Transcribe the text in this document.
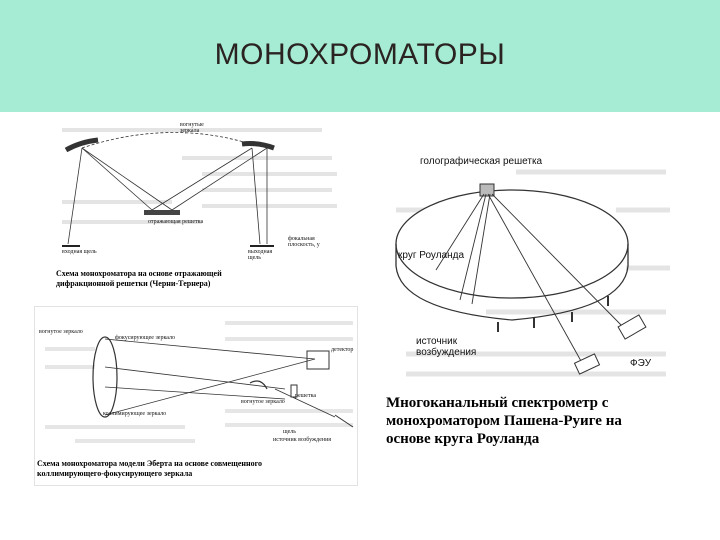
МОНОХРОМАТОРЫ
вогнутые
зеркала
отражающая решетка
входная щель	выходная
щель
фокальная
плоскость, y
Схема монохроматора на основе отражающей
дифракционной решетки (Черни-Тернера)
вогнутое зеркало
фокусирующее зеркало
детектор
коллимирующее зеркало
вогнутое зеркало
решетка
щель
источник возбуждения
Схема монохроматора модели Эберта на основе совмещенного
коллимирующего-фокусирующего зеркала
голографическая решетка
круг Роуланда
источник
возбуждения
ФЭУ
Многоканальный спектрометр с
монохроматором Пашена-Руиге на
основе круга Роуланда
